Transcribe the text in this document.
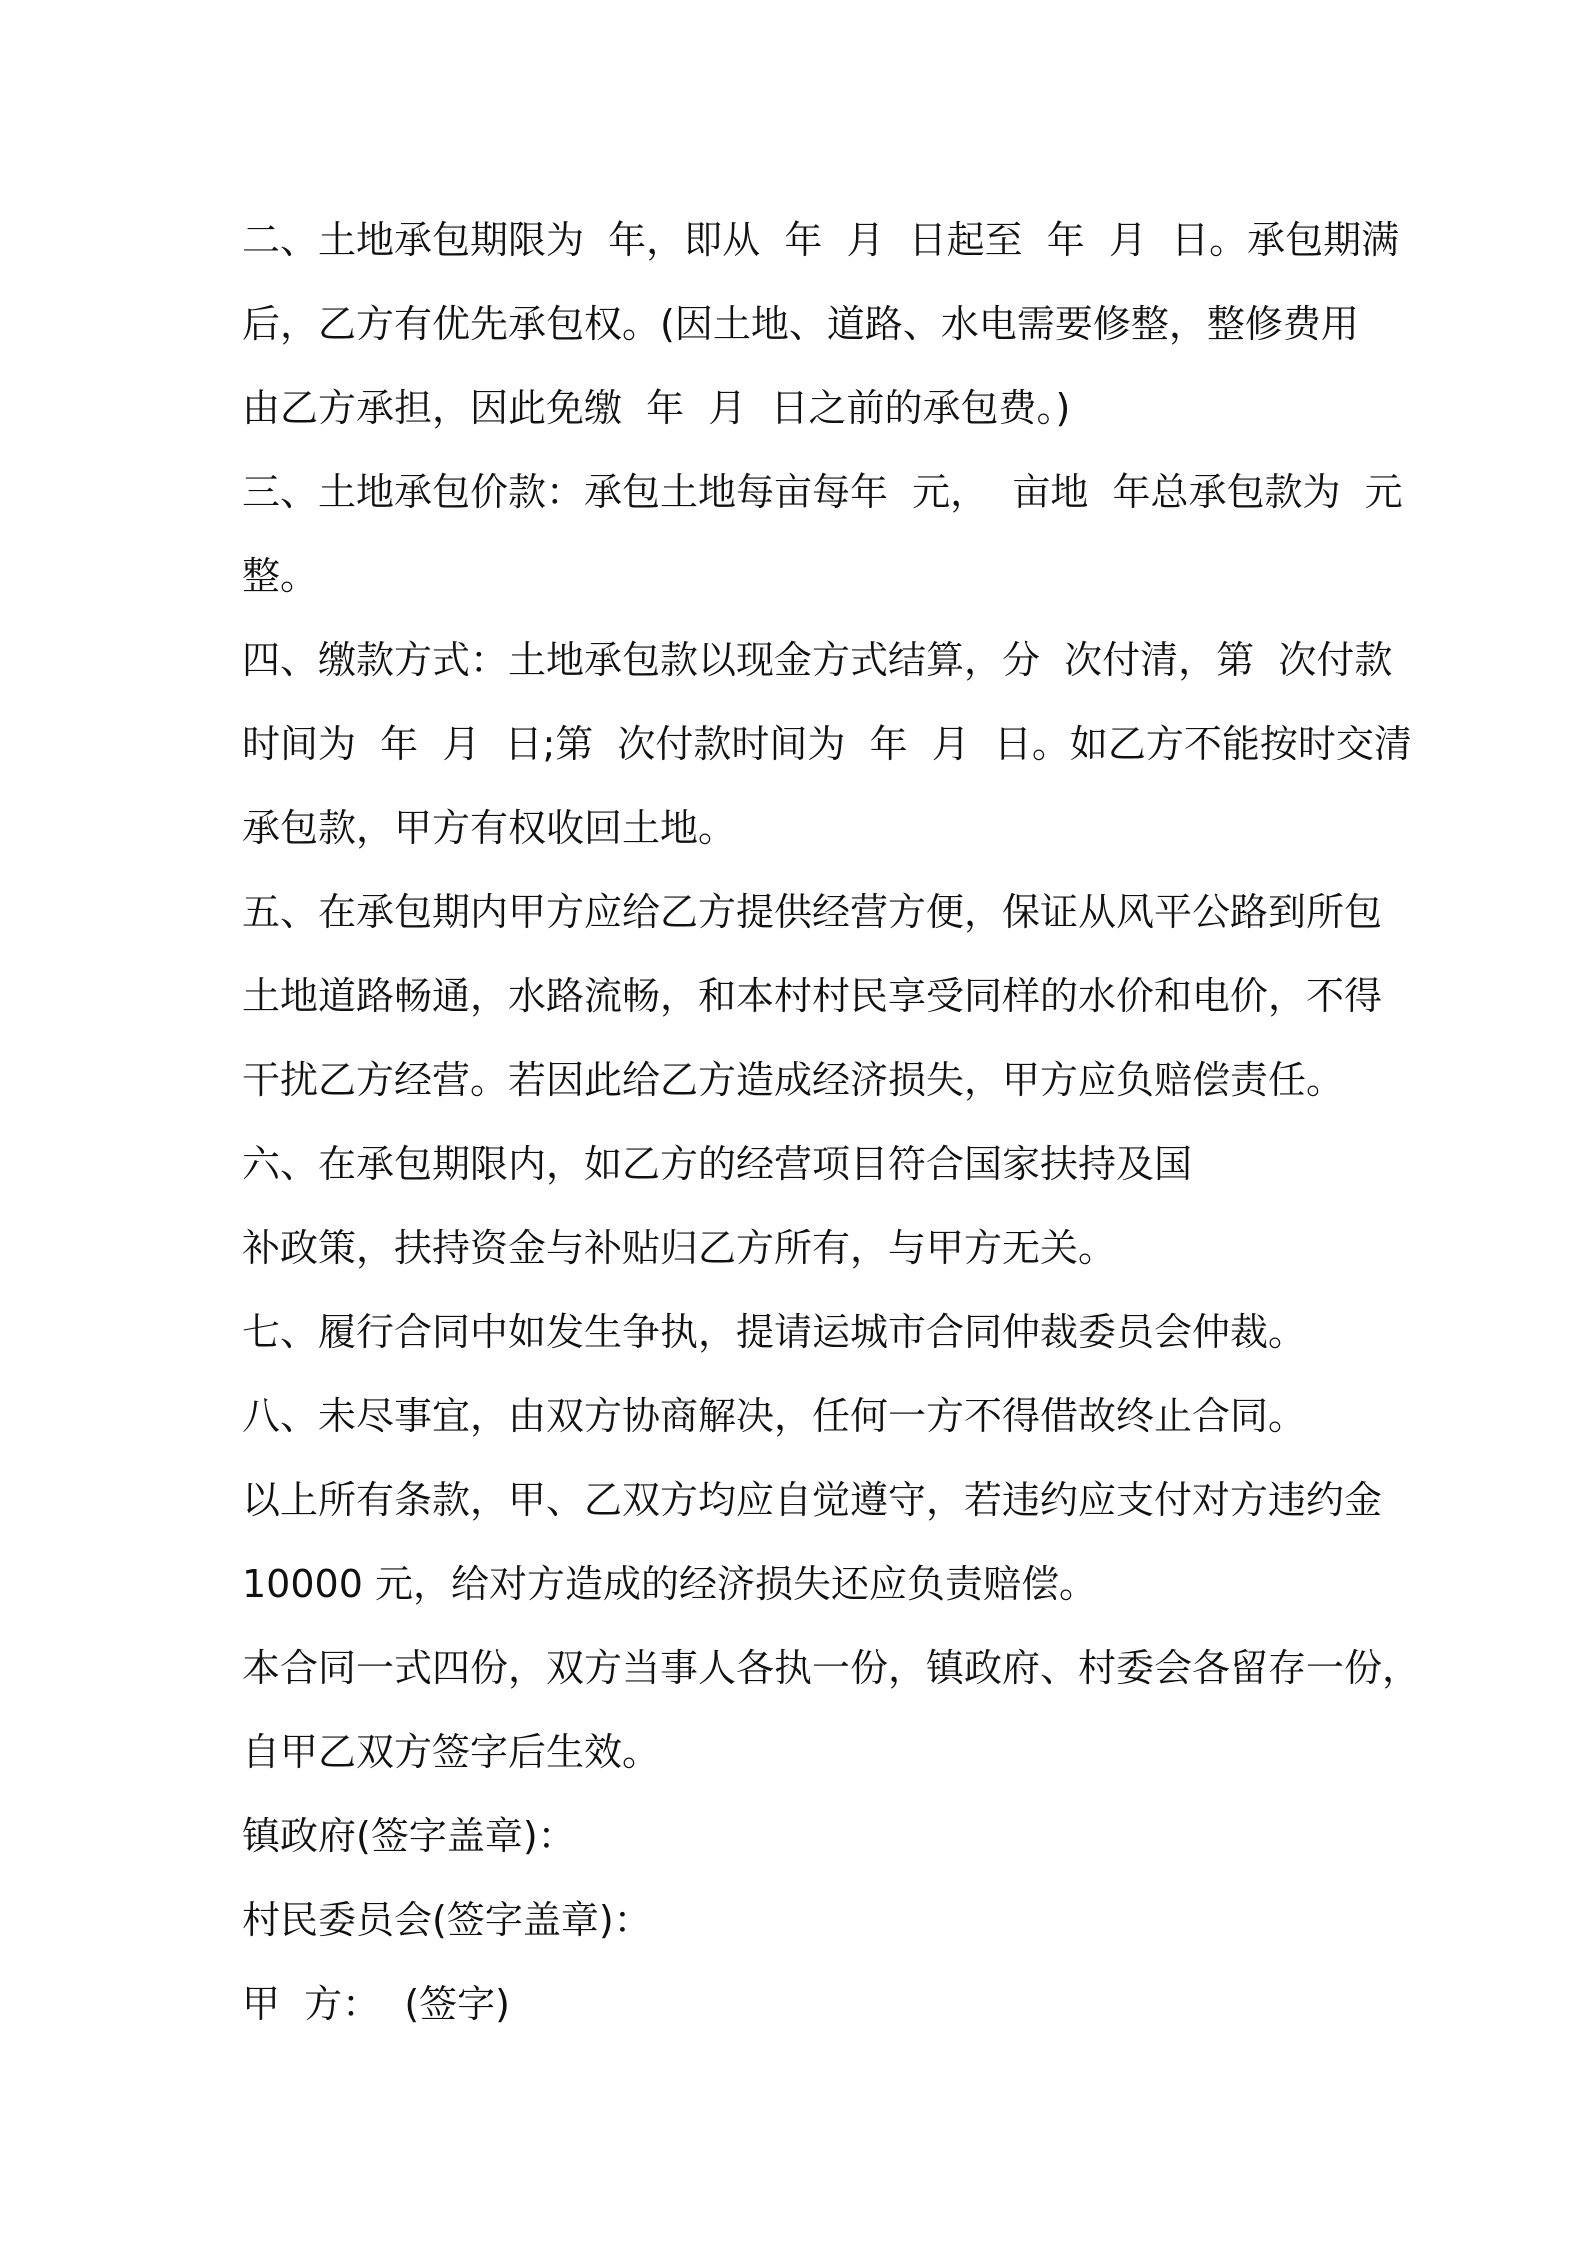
二、土地承包期限为  年，即从  年  月  日起至  年  月  日。承包期满
后，乙方有优先承包权。(因土地、道路、水电需要修整，整修费用
由乙方承担，因此免缴  年  月  日之前的承包费。)
三、土地承包价款：承包土地每亩每年  元，  亩地  年总承包款为  元
整。
四、缴款方式：土地承包款以现金方式结算，分  次付清，第  次付款
时间为  年  月  日;第  次付款时间为  年  月  日。如乙方不能按时交清
承包款，甲方有权收回土地。
五、在承包期内甲方应给乙方提供经营方便，保证从风平公路到所包
土地道路畅通，水路流畅，和本村村民享受同样的水价和电价，不得
干扰乙方经营。若因此给乙方造成经济损失，甲方应负赔偿责任。
六、在承包期限内，如乙方的经营项目符合国家扶持及国
补政策，扶持资金与补贴归乙方所有，与甲方无关。
七、履行合同中如发生争执，提请运城市合同仲裁委员会仲裁。
八、未尽事宜，由双方协商解决，任何一方不得借故终止合同。
以上所有条款，甲、乙双方均应自觉遵守，若违约应支付对方违约金
10000 元，给对方造成的经济损失还应负责赔偿。
本合同一式四份，双方当事人各执一份，镇政府、村委会各留存一份，
自甲乙双方签字后生效。
镇政府(签字盖章)：
村民委员会(签字盖章)：
甲  方：  (签字)
